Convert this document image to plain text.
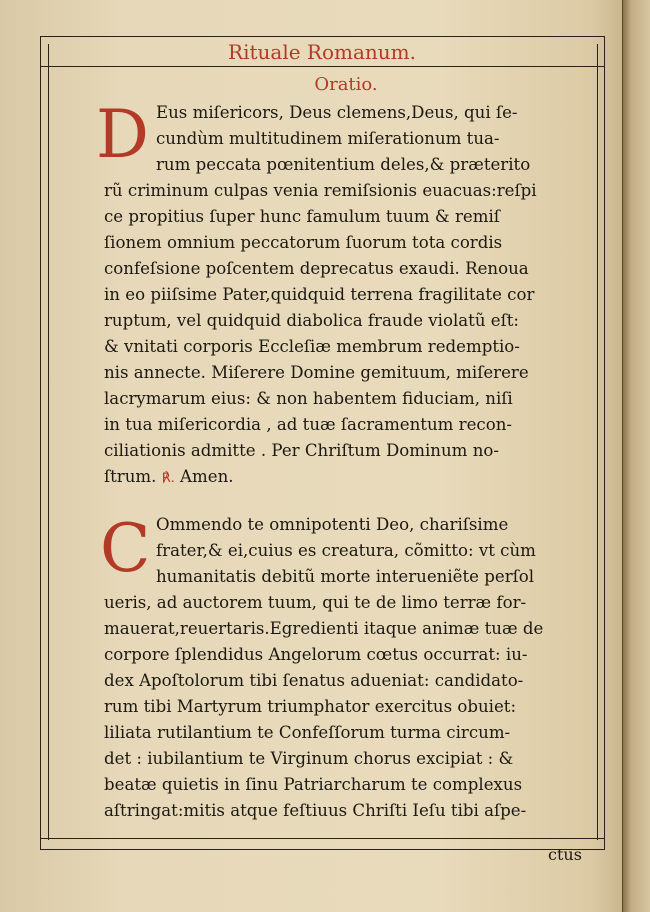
Rituale Romanum.
Oratio.
D Eus miſericors, Deus clemens,Deus, qui ſe-
cundùm multitudinem miſerationum tua-
rum peccata pœnitentium deles,& præterito
rũ criminum culpas venia remiſsionis euacuas:reſpi
ce propitius ſuper hunc famulum tuum & remiſ
ſionem omnium peccatorum ſuorum tota cordis
confeſsione poſcentem deprecatus exaudi. Renoua
in eo piiſsime Pater,quidquid terrena fragilitate cor
ruptum, vel quidquid diabolica fraude violatũ eſt:
& vnitati corporis Eccleſiæ membrum redemptio-
nis annecte. Miſerere Domine gemituum, miſerere
lacrymarum eius: & non habentem fiduciam, niſi
in tua miſericordia , ad tuæ ſacramentum recon-
ciliationis admitte . Per Chriſtum Dominum no-
ſtrum. ℟. Amen.
C Ommendo te omnipotenti Deo, chariſsime
frater,& ei,cuius es creatura, cõmitto: vt cùm
humanitatis debitũ morte interueniẽte perſol
ueris, ad auctorem tuum, qui te de limo terræ for-
mauerat,reuertaris.Egredienti itaque animæ tuæ de
corpore ſplendidus Angelorum cœtus occurrat: iu-
dex Apoſtolorum tibi ſenatus adueniat: candidato-
rum tibi Martyrum triumphator exercitus obuiet:
liliata rutilantium te Confeſſorum turma circum-
det : iubilantium te Virginum chorus excipiat : &
beatæ quietis in ſinu Patriarcharum te complexus
aſtringat:mitis atque feſtiuus Chriſti Ieſu tibi aſpe-
ctus
